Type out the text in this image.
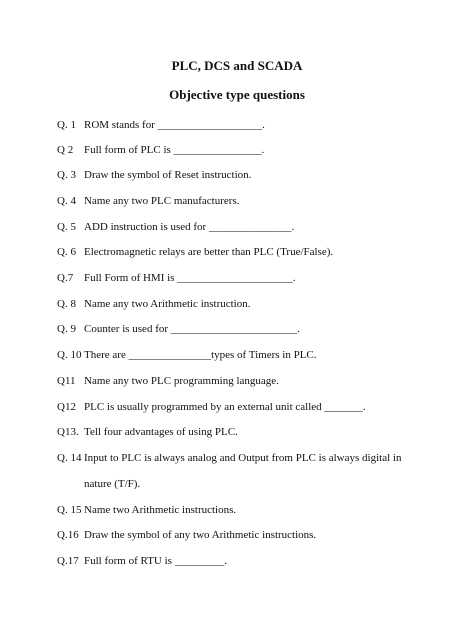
PLC, DCS and SCADA
Objective type questions
Q. 1 ROM stands for ___________________.
Q 2 Full form of PLC is ________________.
Q. 3 Draw the symbol of Reset instruction.
Q. 4 Name any two PLC manufacturers.
Q. 5 ADD instruction is used for _______________.
Q. 6 Electromagnetic relays are better than PLC (True/False).
Q.7 Full Form of HMI is _____________________.
Q. 8 Name any two Arithmetic instruction.
Q. 9 Counter is used for _______________________.
Q. 10 There are _______________types of Timers in PLC.
Q11 Name any two PLC programming language.
Q12 PLC is usually programmed by an external unit called _______.
Q13. Tell four advantages of using PLC.
Q. 14 Input to PLC is always analog and Output from PLC is always digital in
nature (T/F).
Q. 15 Name two Arithmetic instructions.
Q.16 Draw the symbol of any two Arithmetic instructions.
Q.17 Full form of RTU is _________.
